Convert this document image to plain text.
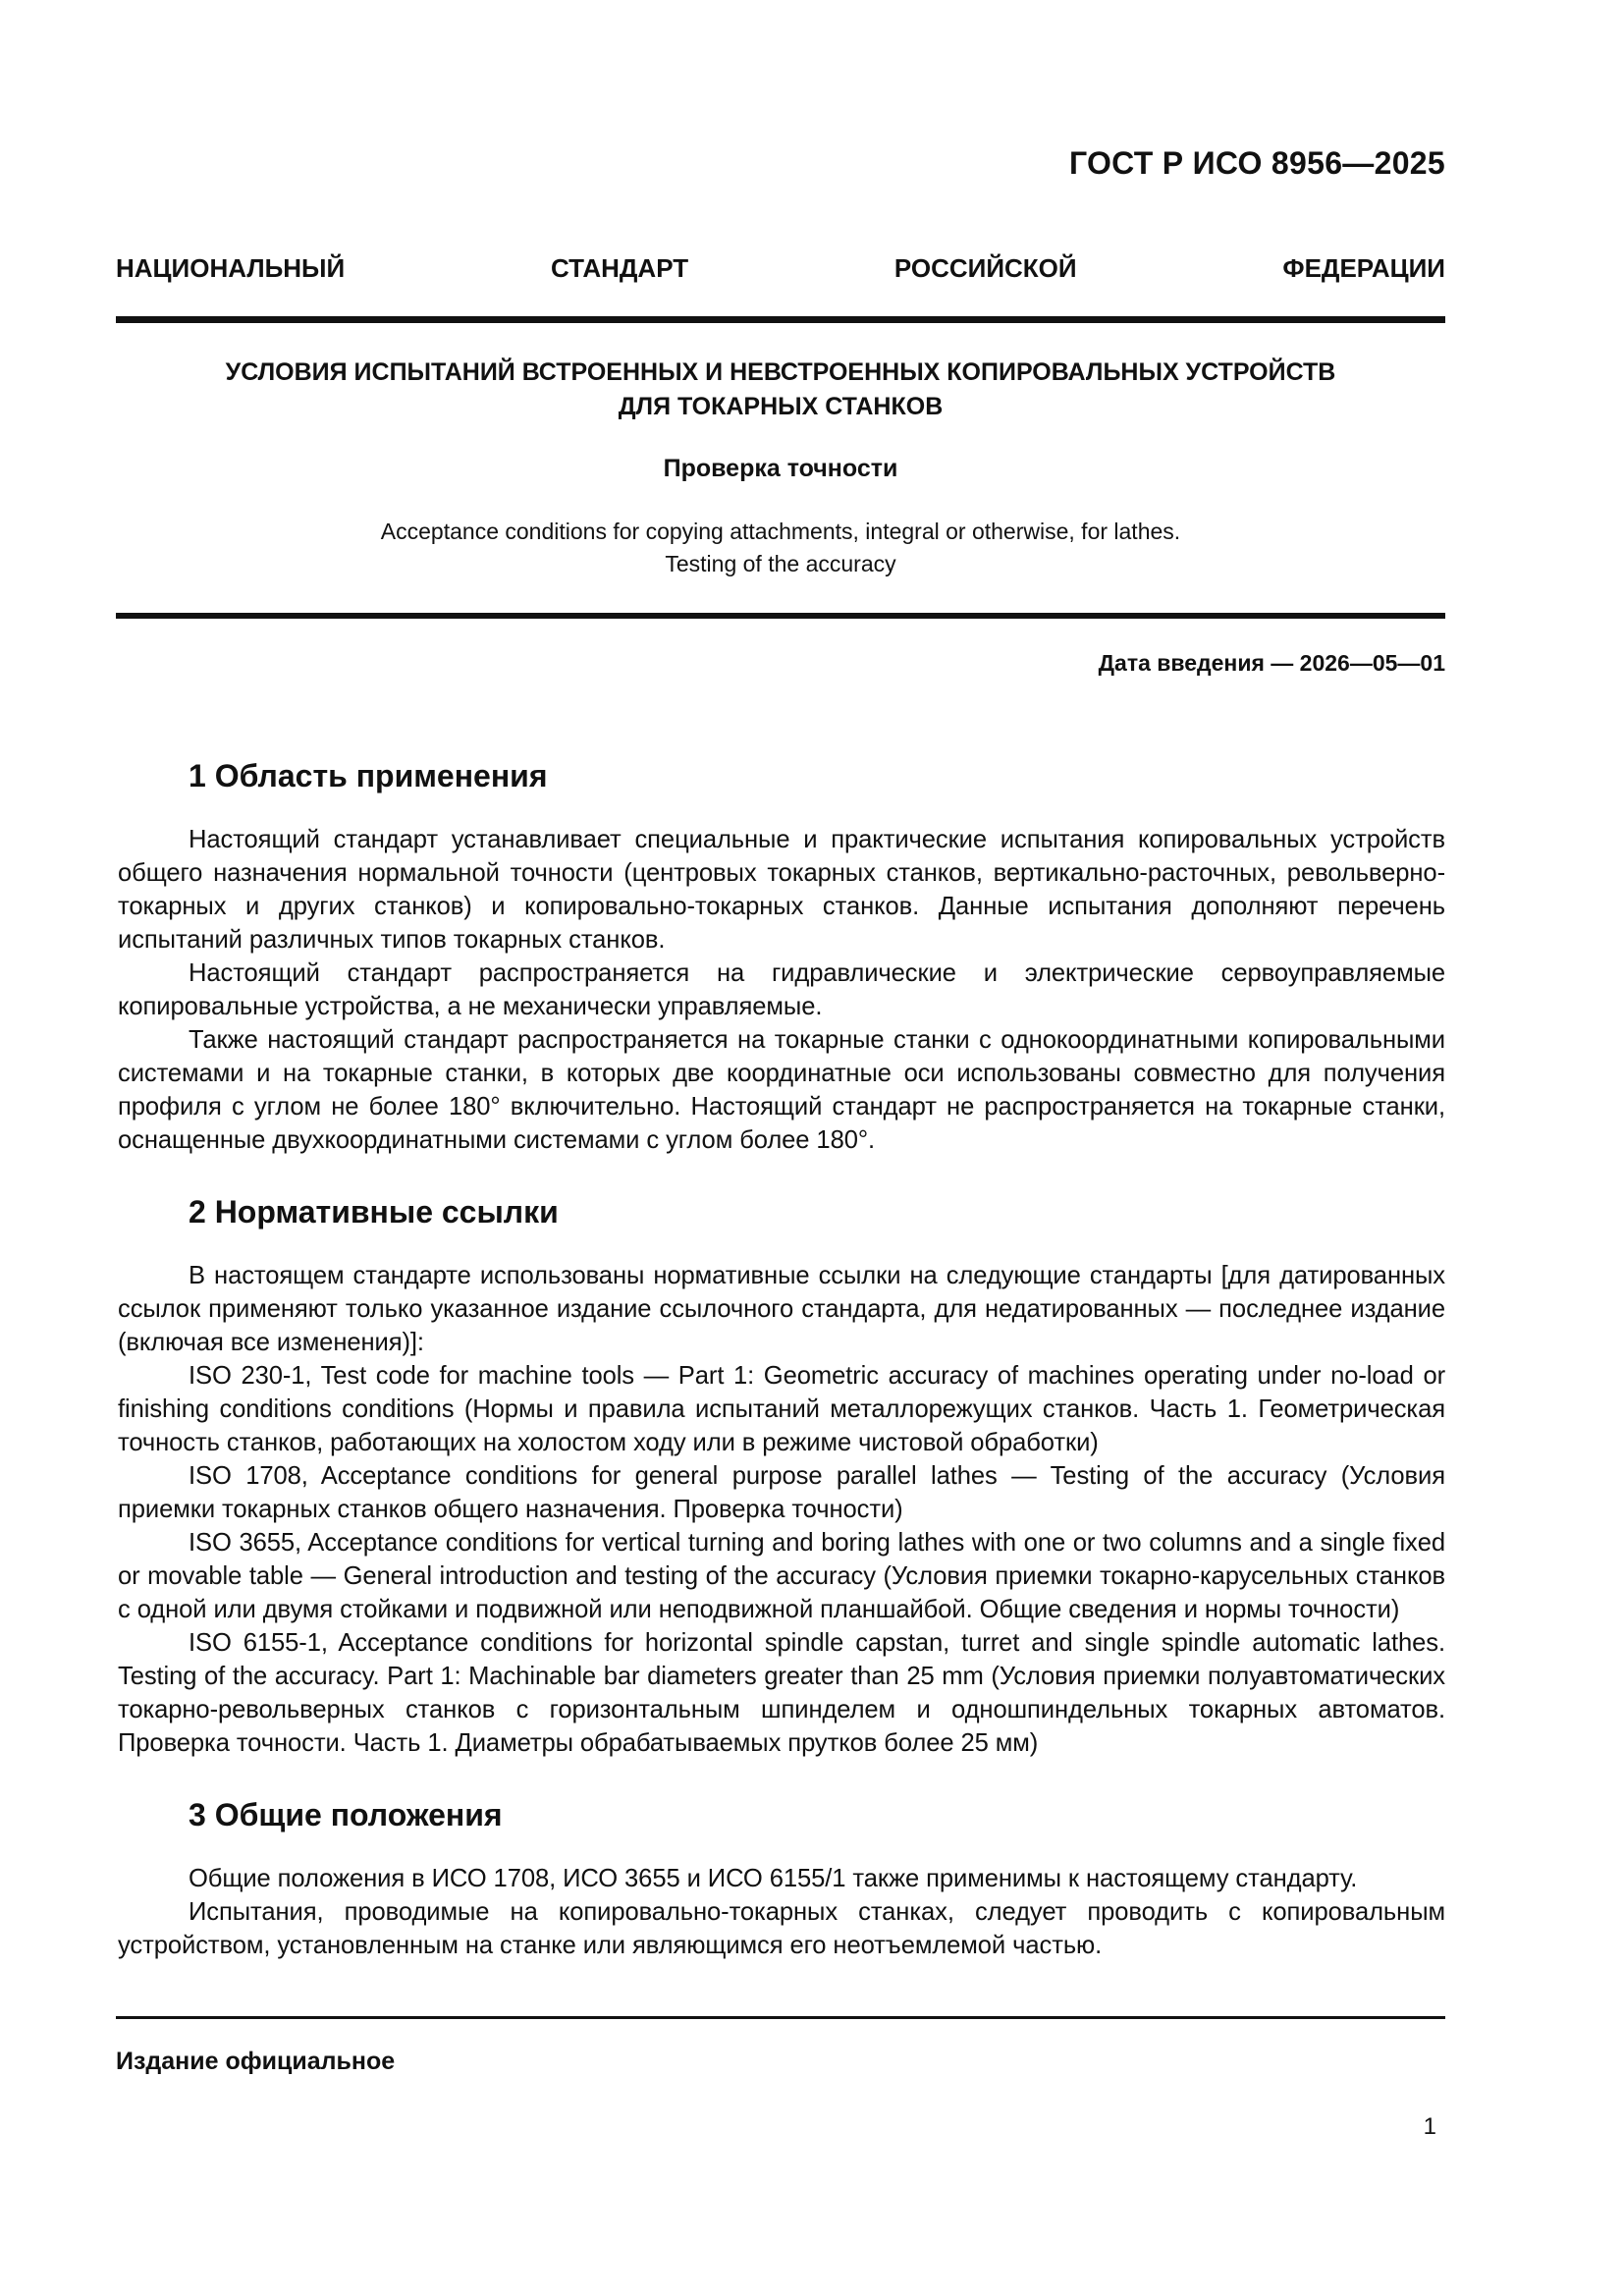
ГОСТ Р ИСО 8956—2025
НАЦИОНАЛЬНЫЙ СТАНДАРТ РОССИЙСКОЙ ФЕДЕРАЦИИ
УСЛОВИЯ ИСПЫТАНИЙ ВСТРОЕННЫХ И НЕВСТРОЕННЫХ КОПИРОВАЛЬНЫХ УСТРОЙСТВ
ДЛЯ ТОКАРНЫХ СТАНКОВ
Проверка точности
Acceptance conditions for copying attachments, integral or otherwise, for lathes.
Testing of the accuracy
Дата введения — 2026—05—01
1 Область применения

Настоящий стандарт устанавливает специальные и практические испытания копировальных устройств общего назначения нормальной точности (центровых токарных станков, вертикально-расточных, револьверно-токарных и других станков) и копировально-токарных станков. Данные испытания дополняют перечень испытаний различных типов токарных станков.

Настоящий стандарт распространяется на гидравлические и электрические сервоуправляемые копировальные устройства, а не механически управляемые.

Также настоящий стандарт распространяется на токарные станки с однокоординатными копировальными системами и на токарные станки, в которых две координатные оси использованы совместно для получения профиля с углом не более 180° включительно. Настоящий стандарт не распространяется на токарные станки, оснащенные двухкоординатными системами с углом более 180°.

2 Нормативные ссылки

В настоящем стандарте использованы нормативные ссылки на следующие стандарты [для датированных ссылок применяют только указанное издание ссылочного стандарта, для недатированных — последнее издание (включая все изменения)]:

ISO 230-1, Test code for machine tools — Part 1: Geometric accuracy of machines operating under no-load or finishing conditions conditions (Нормы и правила испытаний металлорежущих станков. Часть 1. Геометрическая точность станков, работающих на холостом ходу или в режиме чистовой обработки)

ISO 1708, Acceptance conditions for general purpose parallel lathes — Testing of the accuracy (Условия приемки токарных станков общего назначения. Проверка точности)

ISO 3655, Acceptance conditions for vertical turning and boring lathes with one or two columns and a single fixed or movable table — General introduction and testing of the accuracy (Условия приемки токарно-карусельных станков с одной или двумя стойками и подвижной или неподвижной планшайбой. Общие сведения и нормы точности)

ISO 6155-1, Acceptance conditions for horizontal spindle capstan, turret and single spindle automatic lathes. Testing of the accuracy. Part 1: Machinable bar diameters greater than 25 mm (Условия приемки полуавтоматических токарно-револьверных станков с горизонтальным шпинделем и одношпиндельных токарных автоматов. Проверка точности. Часть 1. Диаметры обрабатываемых прутков более 25 мм)

3 Общие положения

Общие положения в ИСО 1708, ИСО 3655 и ИСО 6155/1 также применимы к настоящему стандарту.

Испытания, проводимые на копировально-токарных станках, следует проводить с копировальным устройством, установленным на станке или являющимся его неотъемлемой частью.

Издание официальное
1
